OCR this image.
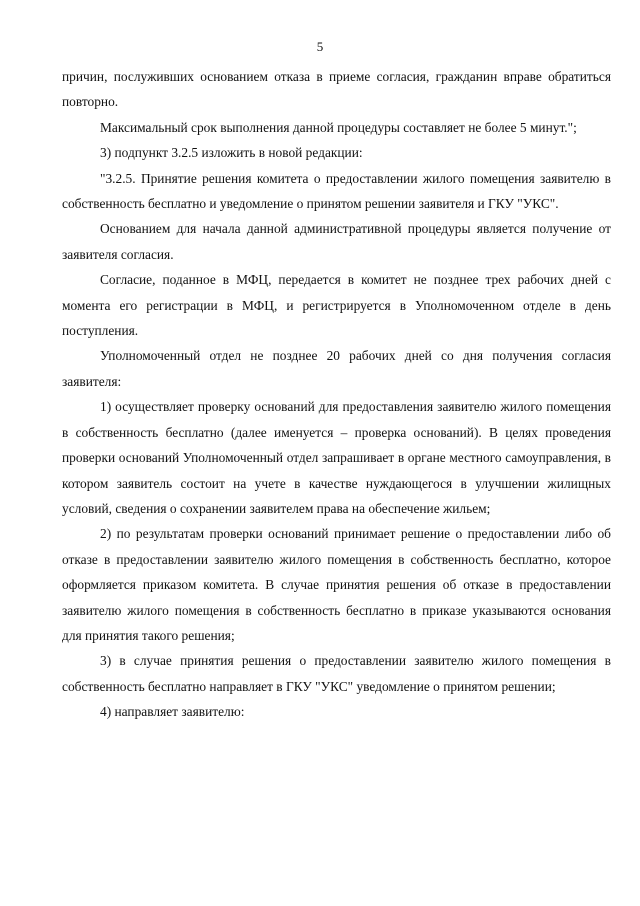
5

причин, послуживших основанием отказа в приеме согласия, гражданин вправе обратиться повторно.

Максимальный срок выполнения данной процедуры составляет не более 5 минут.";

3) подпункт 3.2.5 изложить в новой редакции:

"3.2.5. Принятие решения комитета о предоставлении жилого помещения заявителю в собственность бесплатно и уведомление о принятом решении заявителя и ГКУ "УКС".

Основанием для начала данной административной процедуры является получение от заявителя согласия.

Согласие, поданное в МФЦ, передается в комитет не позднее трех рабочих дней с момента его регистрации в МФЦ, и регистрируется в Уполномоченном отделе в день поступления.

Уполномоченный отдел не позднее 20 рабочих дней со дня получения согласия заявителя:

1) осуществляет проверку оснований для предоставления заявителю жилого помещения в собственность бесплатно (далее именуется – проверка оснований). В целях проведения проверки оснований Уполномоченный отдел запрашивает в органе местного самоуправления, в котором заявитель состоит на учете в качестве нуждающегося в улучшении жилищных условий, сведения о сохранении заявителем права на обеспечение жильем;

2) по результатам проверки оснований принимает решение о предоставлении либо об отказе в предоставлении заявителю жилого помещения в собственность бесплатно, которое оформляется приказом комитета. В случае принятия решения об отказе в предоставлении заявителю жилого помещения в собственность бесплатно в приказе указываются основания для принятия такого решения;

3) в случае принятия решения о предоставлении заявителю жилого помещения в собственность бесплатно направляет в ГКУ "УКС" уведомление о принятом решении;

4) направляет заявителю:
